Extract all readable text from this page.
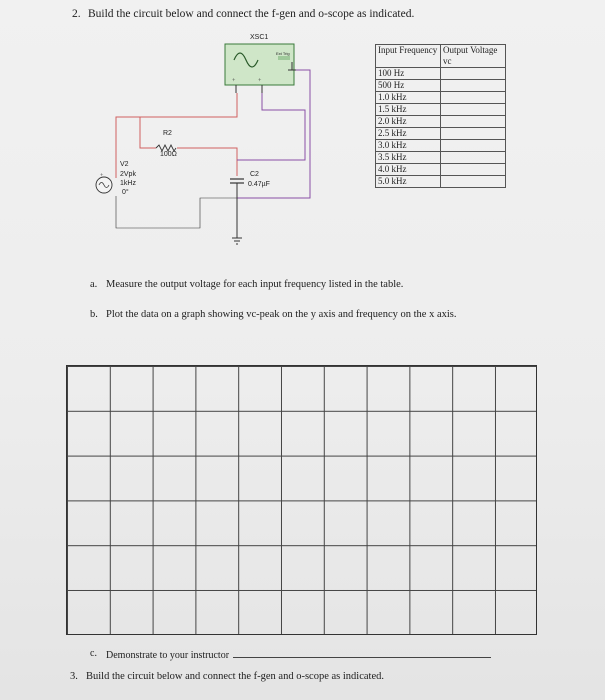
2. Build the circuit below and connect the f-gen and o-scope as indicated.
+	+
+
XSC1
Ext Trig
R2
100Ω
C2
0.47µF
V2
2Vpk
1kHz
0°
Input Frequency	Output Voltage vc
100 Hz	
500 Hz	
1.0 kHz	
1.5 kHz	
2.0 kHz	
2.5 kHz	
3.0 kHz	
3.5 kHz	
4.0 kHz	
5.0 kHz	
a. Measure the output voltage for each input frequency listed in the table.
b. Plot the data on a graph showing vc-peak on the y axis and frequency on the x axis.
c. Demonstrate to your instructor
3. Build the circuit below and connect the f-gen and o-scope as indicated.
